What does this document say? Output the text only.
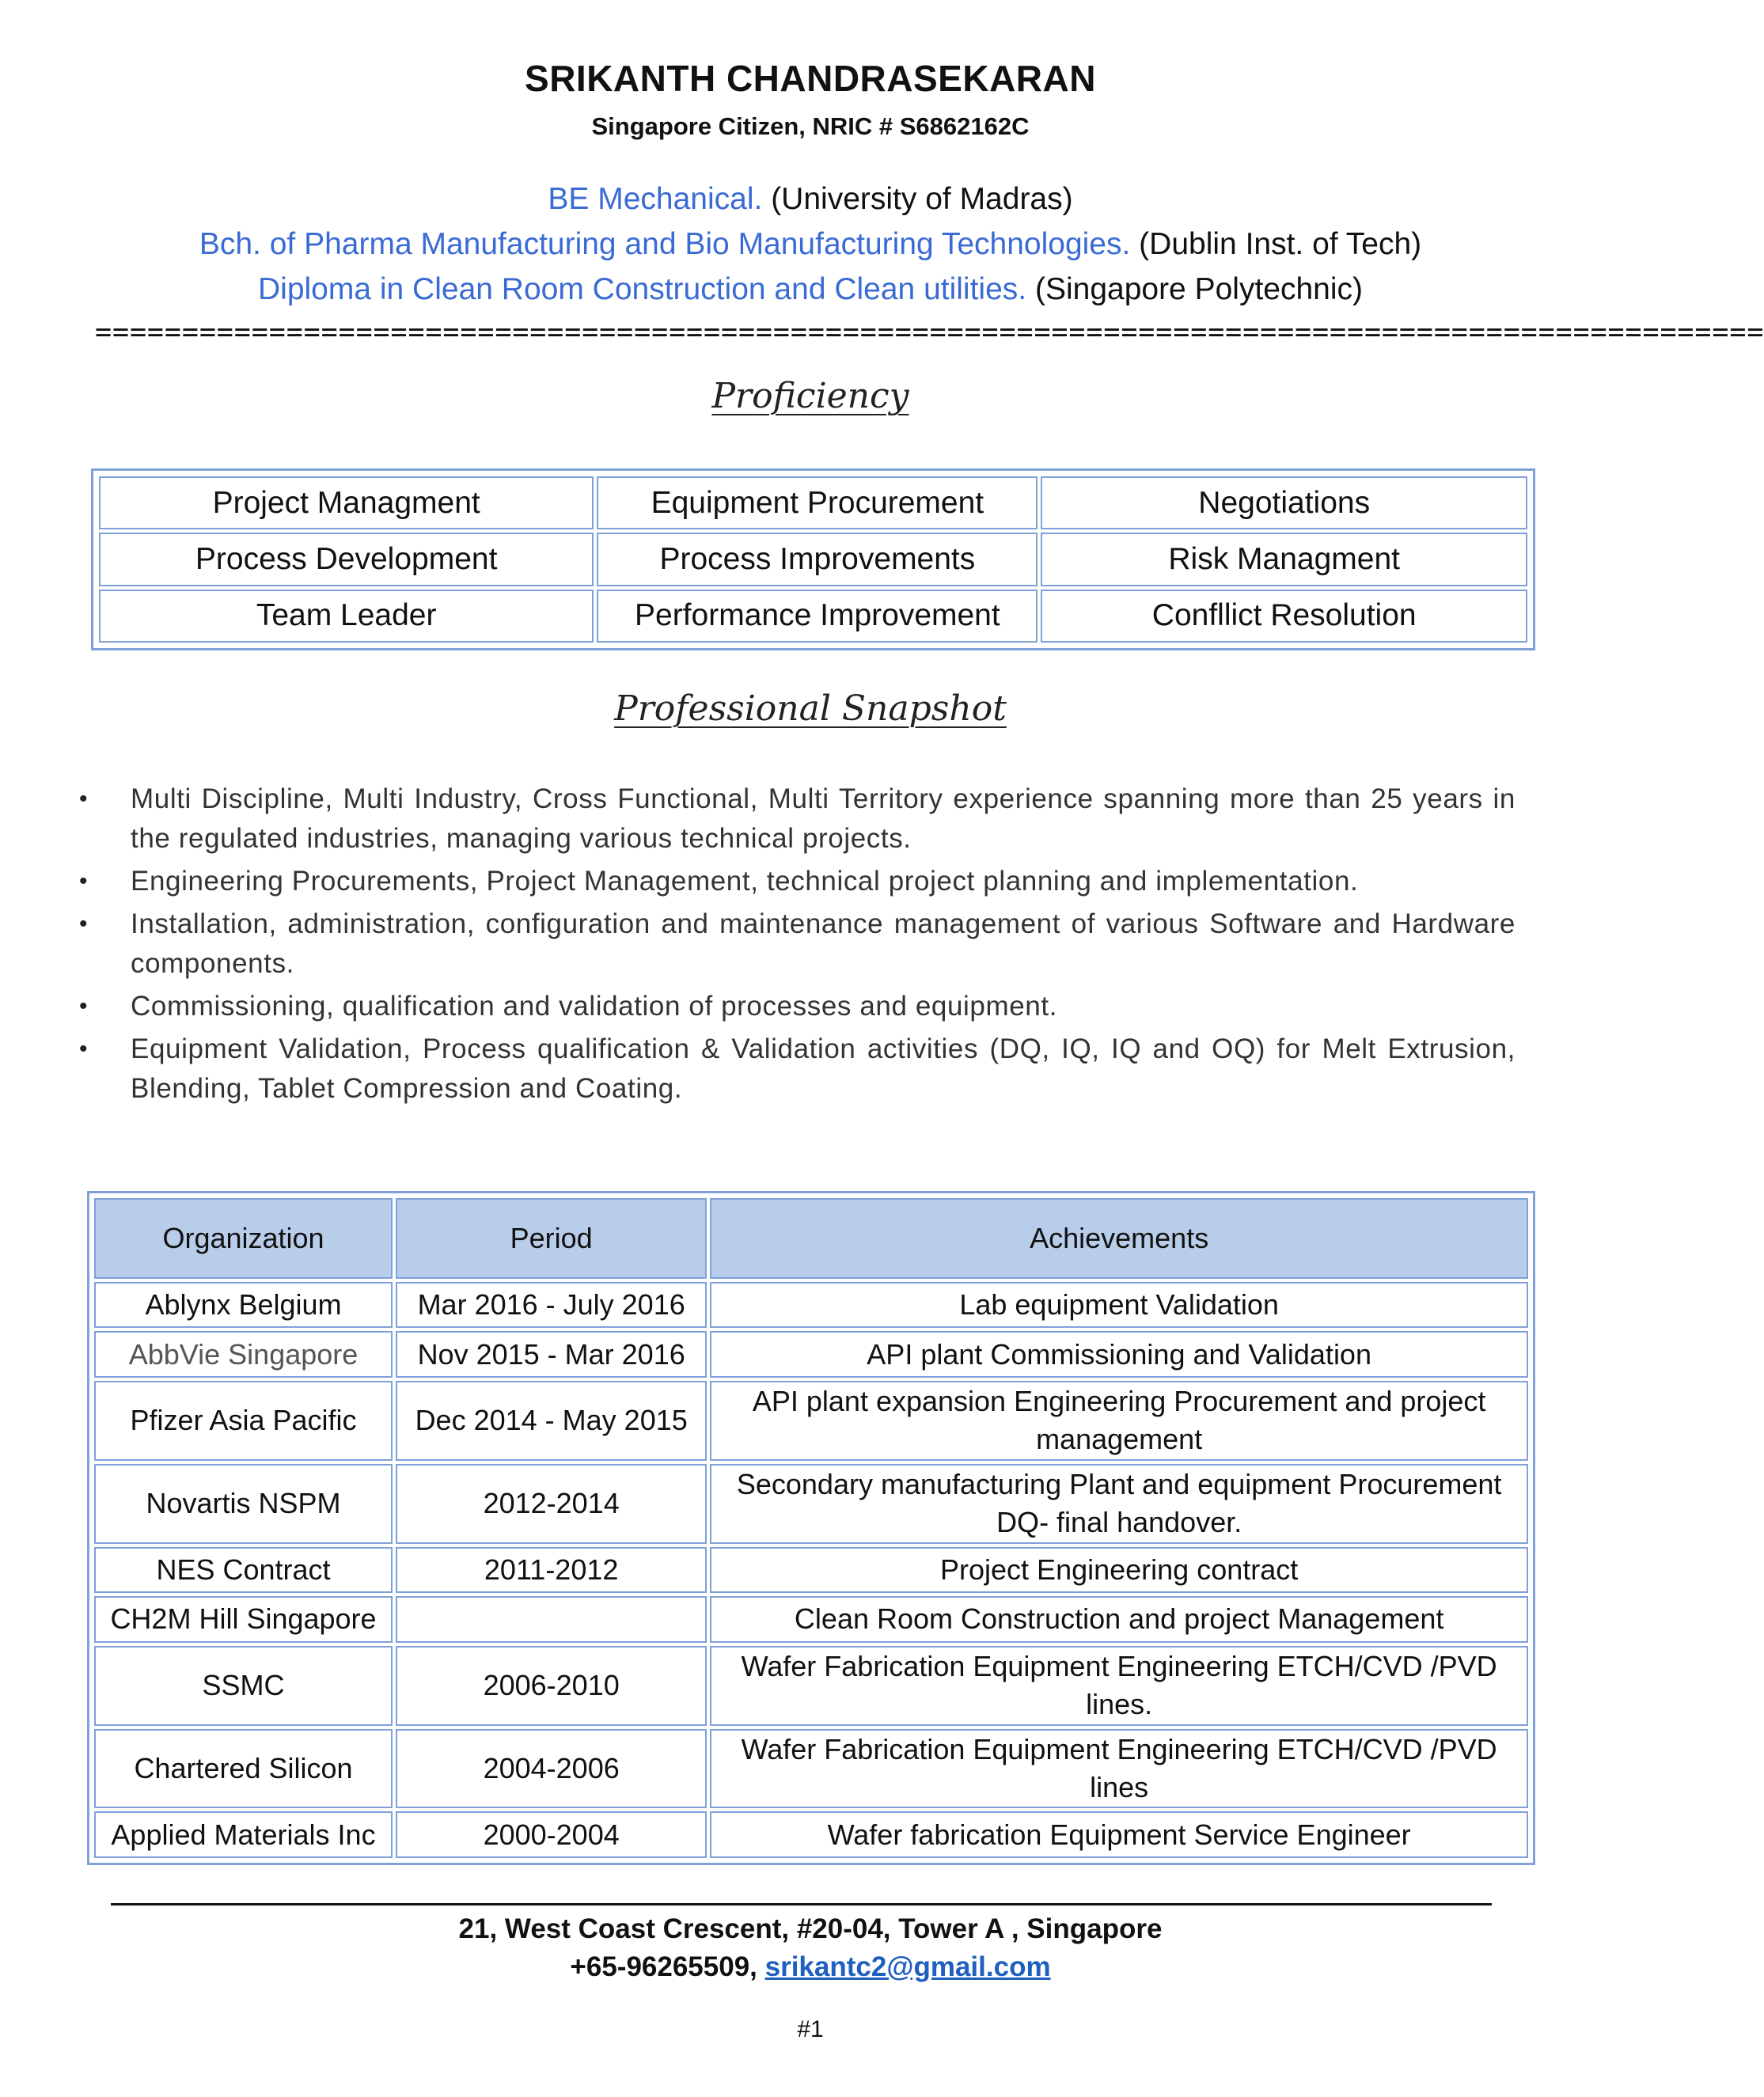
SRIKANTH CHANDRASEKARAN
Singapore Citizen, NRIC # S6862162C
BE Mechanical. (University of Madras)
Bch. of Pharma Manufacturing and Bio Manufacturing Technologies. (Dublin Inst. of Tech)
Diploma in Clean Room Construction and Clean utilities. (Singapore Polytechnic)
================================================================================================
Proficiency
Project Managment	Equipment Procurement	Negotiations
Process Development	Process Improvements	Risk Managment
Team Leader	Performance Improvement	Confllict Resolution
Professional Snapshot
• Multi Discipline, Multi Industry, Cross Functional, Multi Territory experience spanning more than 25 years in the regulated industries, managing various technical projects.
• Engineering Procurements, Project Management, technical project planning and implementation.
• Installation, administration, configuration and maintenance management of various Software and Hardware components.
• Commissioning, qualification and validation of processes and equipment.
• Equipment Validation, Process qualification & Validation activities (DQ, IQ, IQ and OQ) for Melt Extrusion, Blending, Tablet Compression and Coating.
Organization	Period	Achievements
Ablynx Belgium	Mar 2016 - July 2016	Lab equipment Validation
AbbVie Singapore	Nov 2015 - Mar 2016	API plant Commissioning and Validation
Pfizer Asia Pacific	Dec 2014 - May 2015	API plant expansion Engineering Procurement and project management
Novartis NSPM	2012-2014	Secondary manufacturing Plant and equipment Procurement DQ- final handover.
NES Contract	2011-2012	Project Engineering contract
CH2M Hill Singapore		Clean Room Construction and project Management
SSMC	2006-2010	Wafer Fabrication Equipment Engineering ETCH/CVD /PVD lines.
Chartered Silicon	2004-2006	Wafer Fabrication Equipment Engineering ETCH/CVD /PVD lines
Applied Materials Inc	2000-2004	Wafer fabrication Equipment Service Engineer
21, West Coast Crescent, #20-04, Tower A , Singapore
+65-96265509, srikantc2@gmail.com
#1
